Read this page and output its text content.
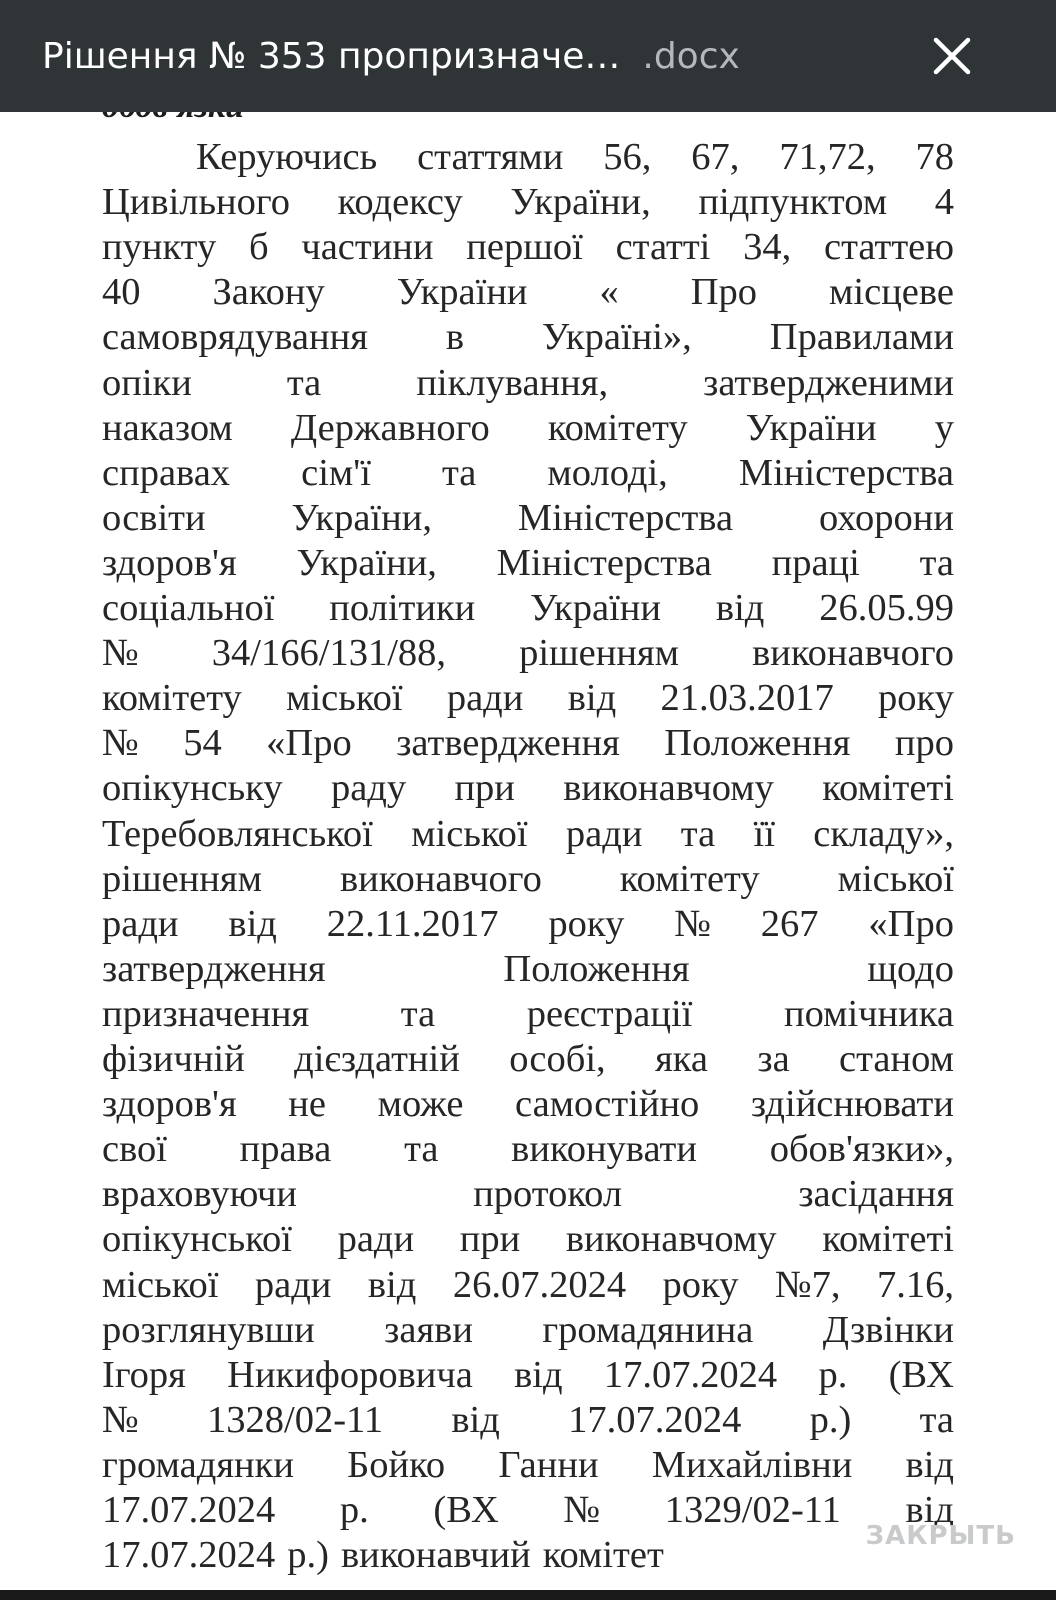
Рішення № 353 пропризначе… .docx
Керуючись статтями 56, 67, 71,72, 78
Цивільного кодексу України, підпунктом 4
пункту б частини першої статті 34, статтею
40 Закону України « Про місцеве
самоврядування в Україні», Правилами
опіки та піклування, затвердженими
наказом Державного комітету України у
справах сім'ї та молоді, Міністерства
освіти України, Міністерства охорони
здоров'я України, Міністерства праці та
соціальної політики України від 26.05.99
№ 34/166/131/88, рішенням виконавчого
комітету міської ради від 21.03.2017 року
№ 54 «Про затвердження Положення про
опікунську раду при виконавчому комітеті
Теребовлянської міської ради та її складу»,
рішенням виконавчого комітету міської
ради від 22.11.2017 року № 267 «Про
затвердження	Положення	щодо
призначення та реєстрації помічника
фізичній дієздатній особі, яка за станом
здоров'я не може самостійно здійснювати
свої права та виконувати обов'язки»,
враховуючи	протокол	засідання
опікунської ради при виконавчому комітеті
міської ради від 26.07.2024 року №7, 7.16,
розглянувши заяви громадянина Дзвінки
Ігоря Никифоровича від 17.07.2024 р. (ВХ
№ 1328/02-11 від 17.07.2024 р.) та
громадянки Бойко Ганни Михайлівни від
17.07.2024 р. (ВХ № 1329/02-11 від
17.07.2024 р.) виконавчий комітет	ЗАКРЫТЬ
